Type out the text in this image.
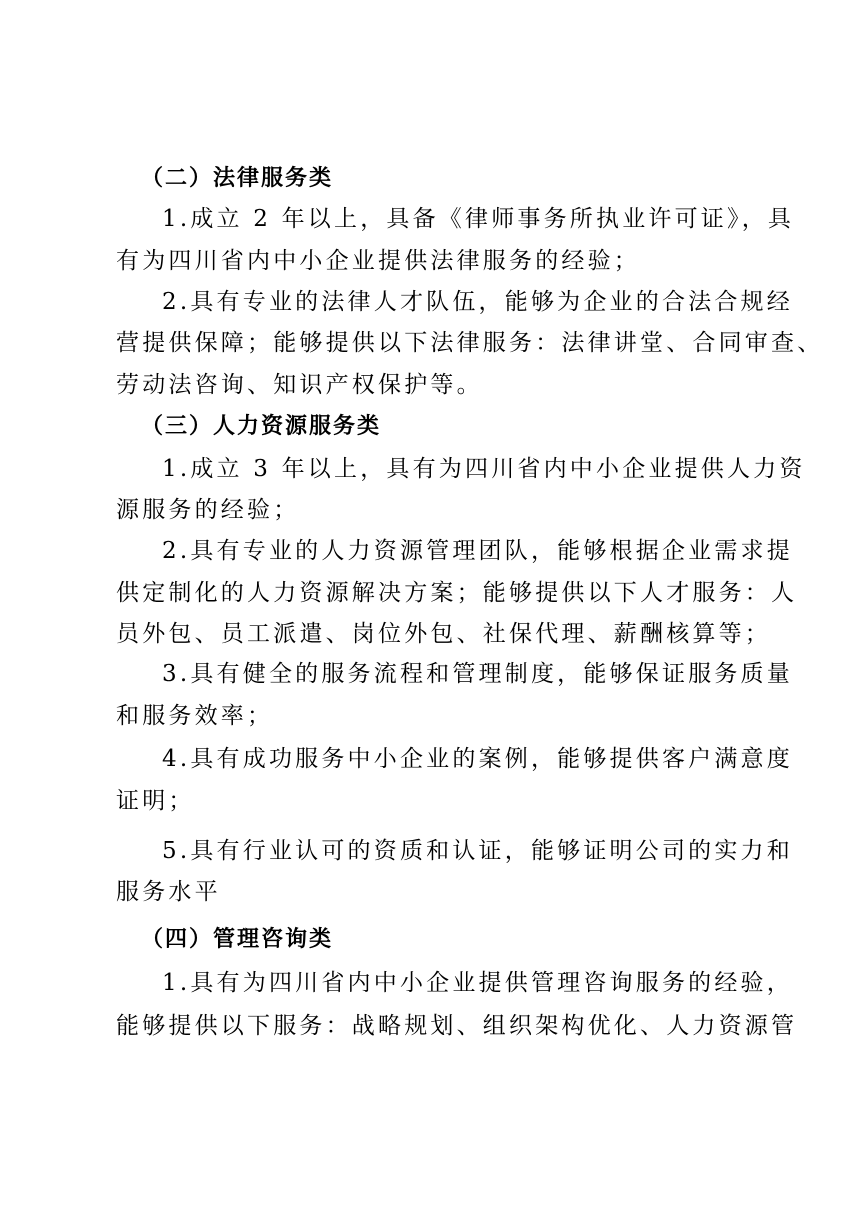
（二）法律服务类
1.成立 2 年以上，具备《律师事务所执业许可证》，具
有为四川省内中小企业提供法律服务的经验；
2.具有专业的法律人才队伍，能够为企业的合法合规经
营提供保障；能够提供以下法律服务：法律讲堂、合同审查、
劳动法咨询、知识产权保护等。
（三）人力资源服务类
1.成立 3 年以上，具有为四川省内中小企业提供人力资
源服务的经验；
2.具有专业的人力资源管理团队，能够根据企业需求提
供定制化的人力资源解决方案；能够提供以下人才服务：人
员外包、员工派遣、岗位外包、社保代理、薪酬核算等；
3.具有健全的服务流程和管理制度，能够保证服务质量
和服务效率；
4.具有成功服务中小企业的案例，能够提供客户满意度
证明；
5.具有行业认可的资质和认证，能够证明公司的实力和
服务水平
（四）管理咨询类
1.具有为四川省内中小企业提供管理咨询服务的经验，
能够提供以下服务：战略规划、组织架构优化、人力资源管
